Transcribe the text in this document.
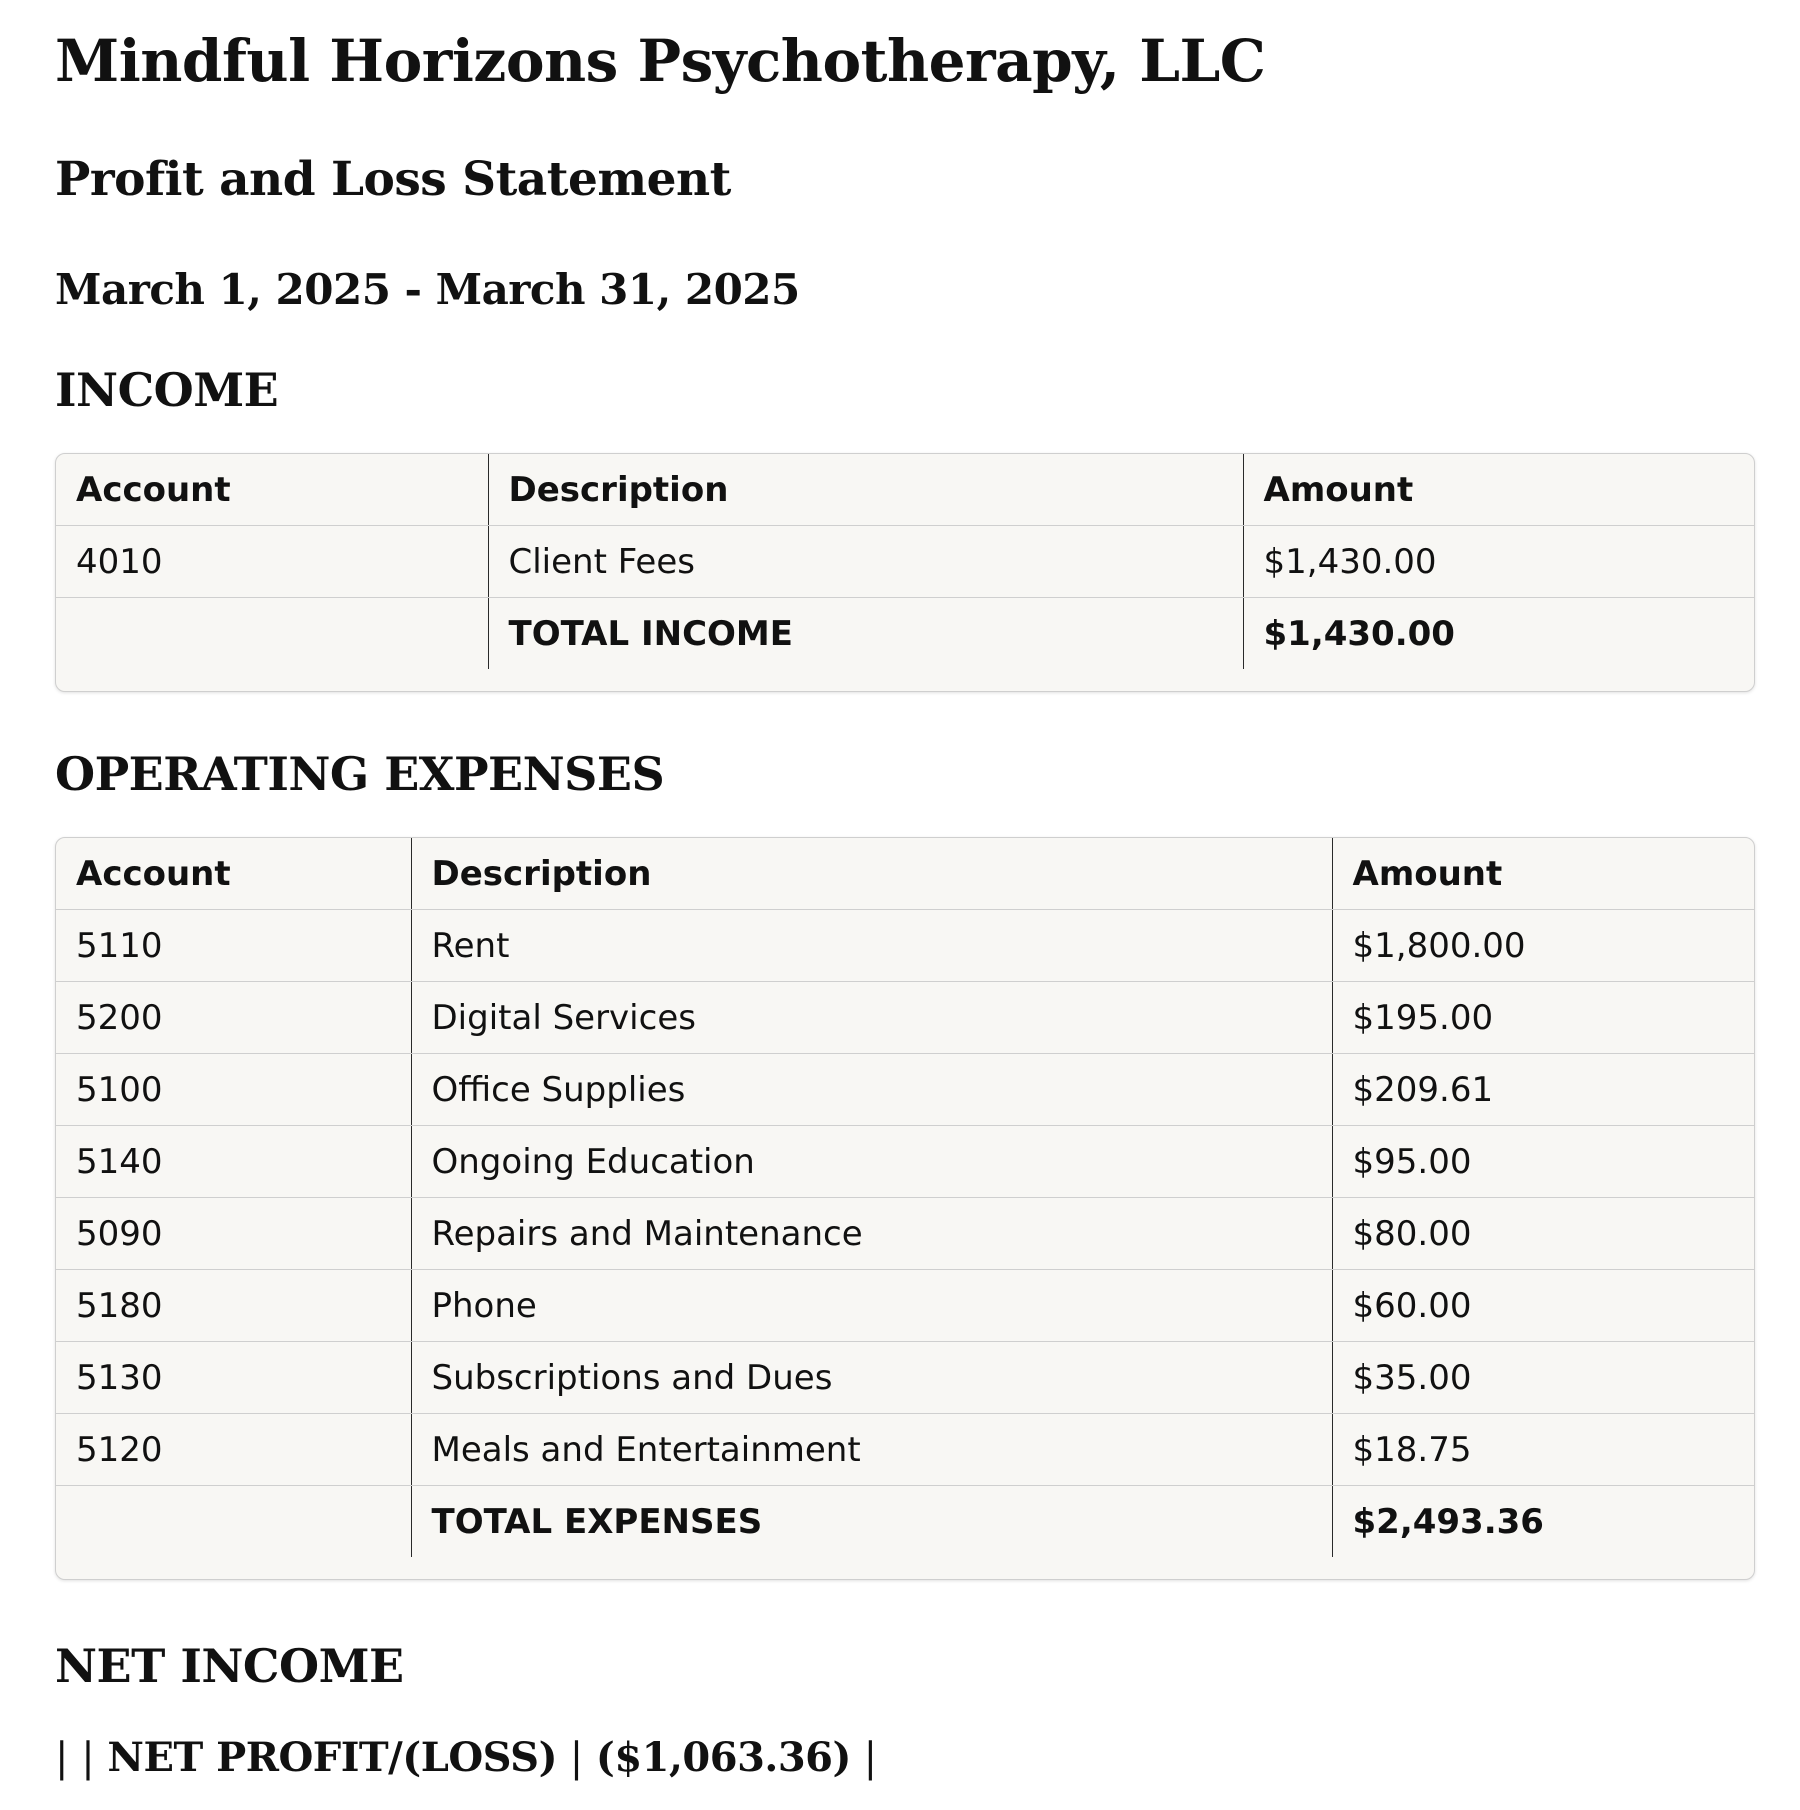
Mindful Horizons Psychotherapy, LLC
Profit and Loss Statement
March 1, 2025 - March 31, 2025
INCOME
Account	Description	Amount
4010	Client Fees	$1,430.00
	TOTAL INCOME	$1,430.00
OPERATING EXPENSES
Account	Description	Amount
5110	Rent	$1,800.00
5200	Digital Services	$195.00
5100	Office Supplies	$209.61
5140	Ongoing Education	$95.00
5090	Repairs and Maintenance	$80.00
5180	Phone	$60.00
5130	Subscriptions and Dues	$35.00
5120	Meals and Entertainment	$18.75
	TOTAL EXPENSES	$2,493.36
NET INCOME
| | NET PROFIT/(LOSS) | ($1,063.36) |
